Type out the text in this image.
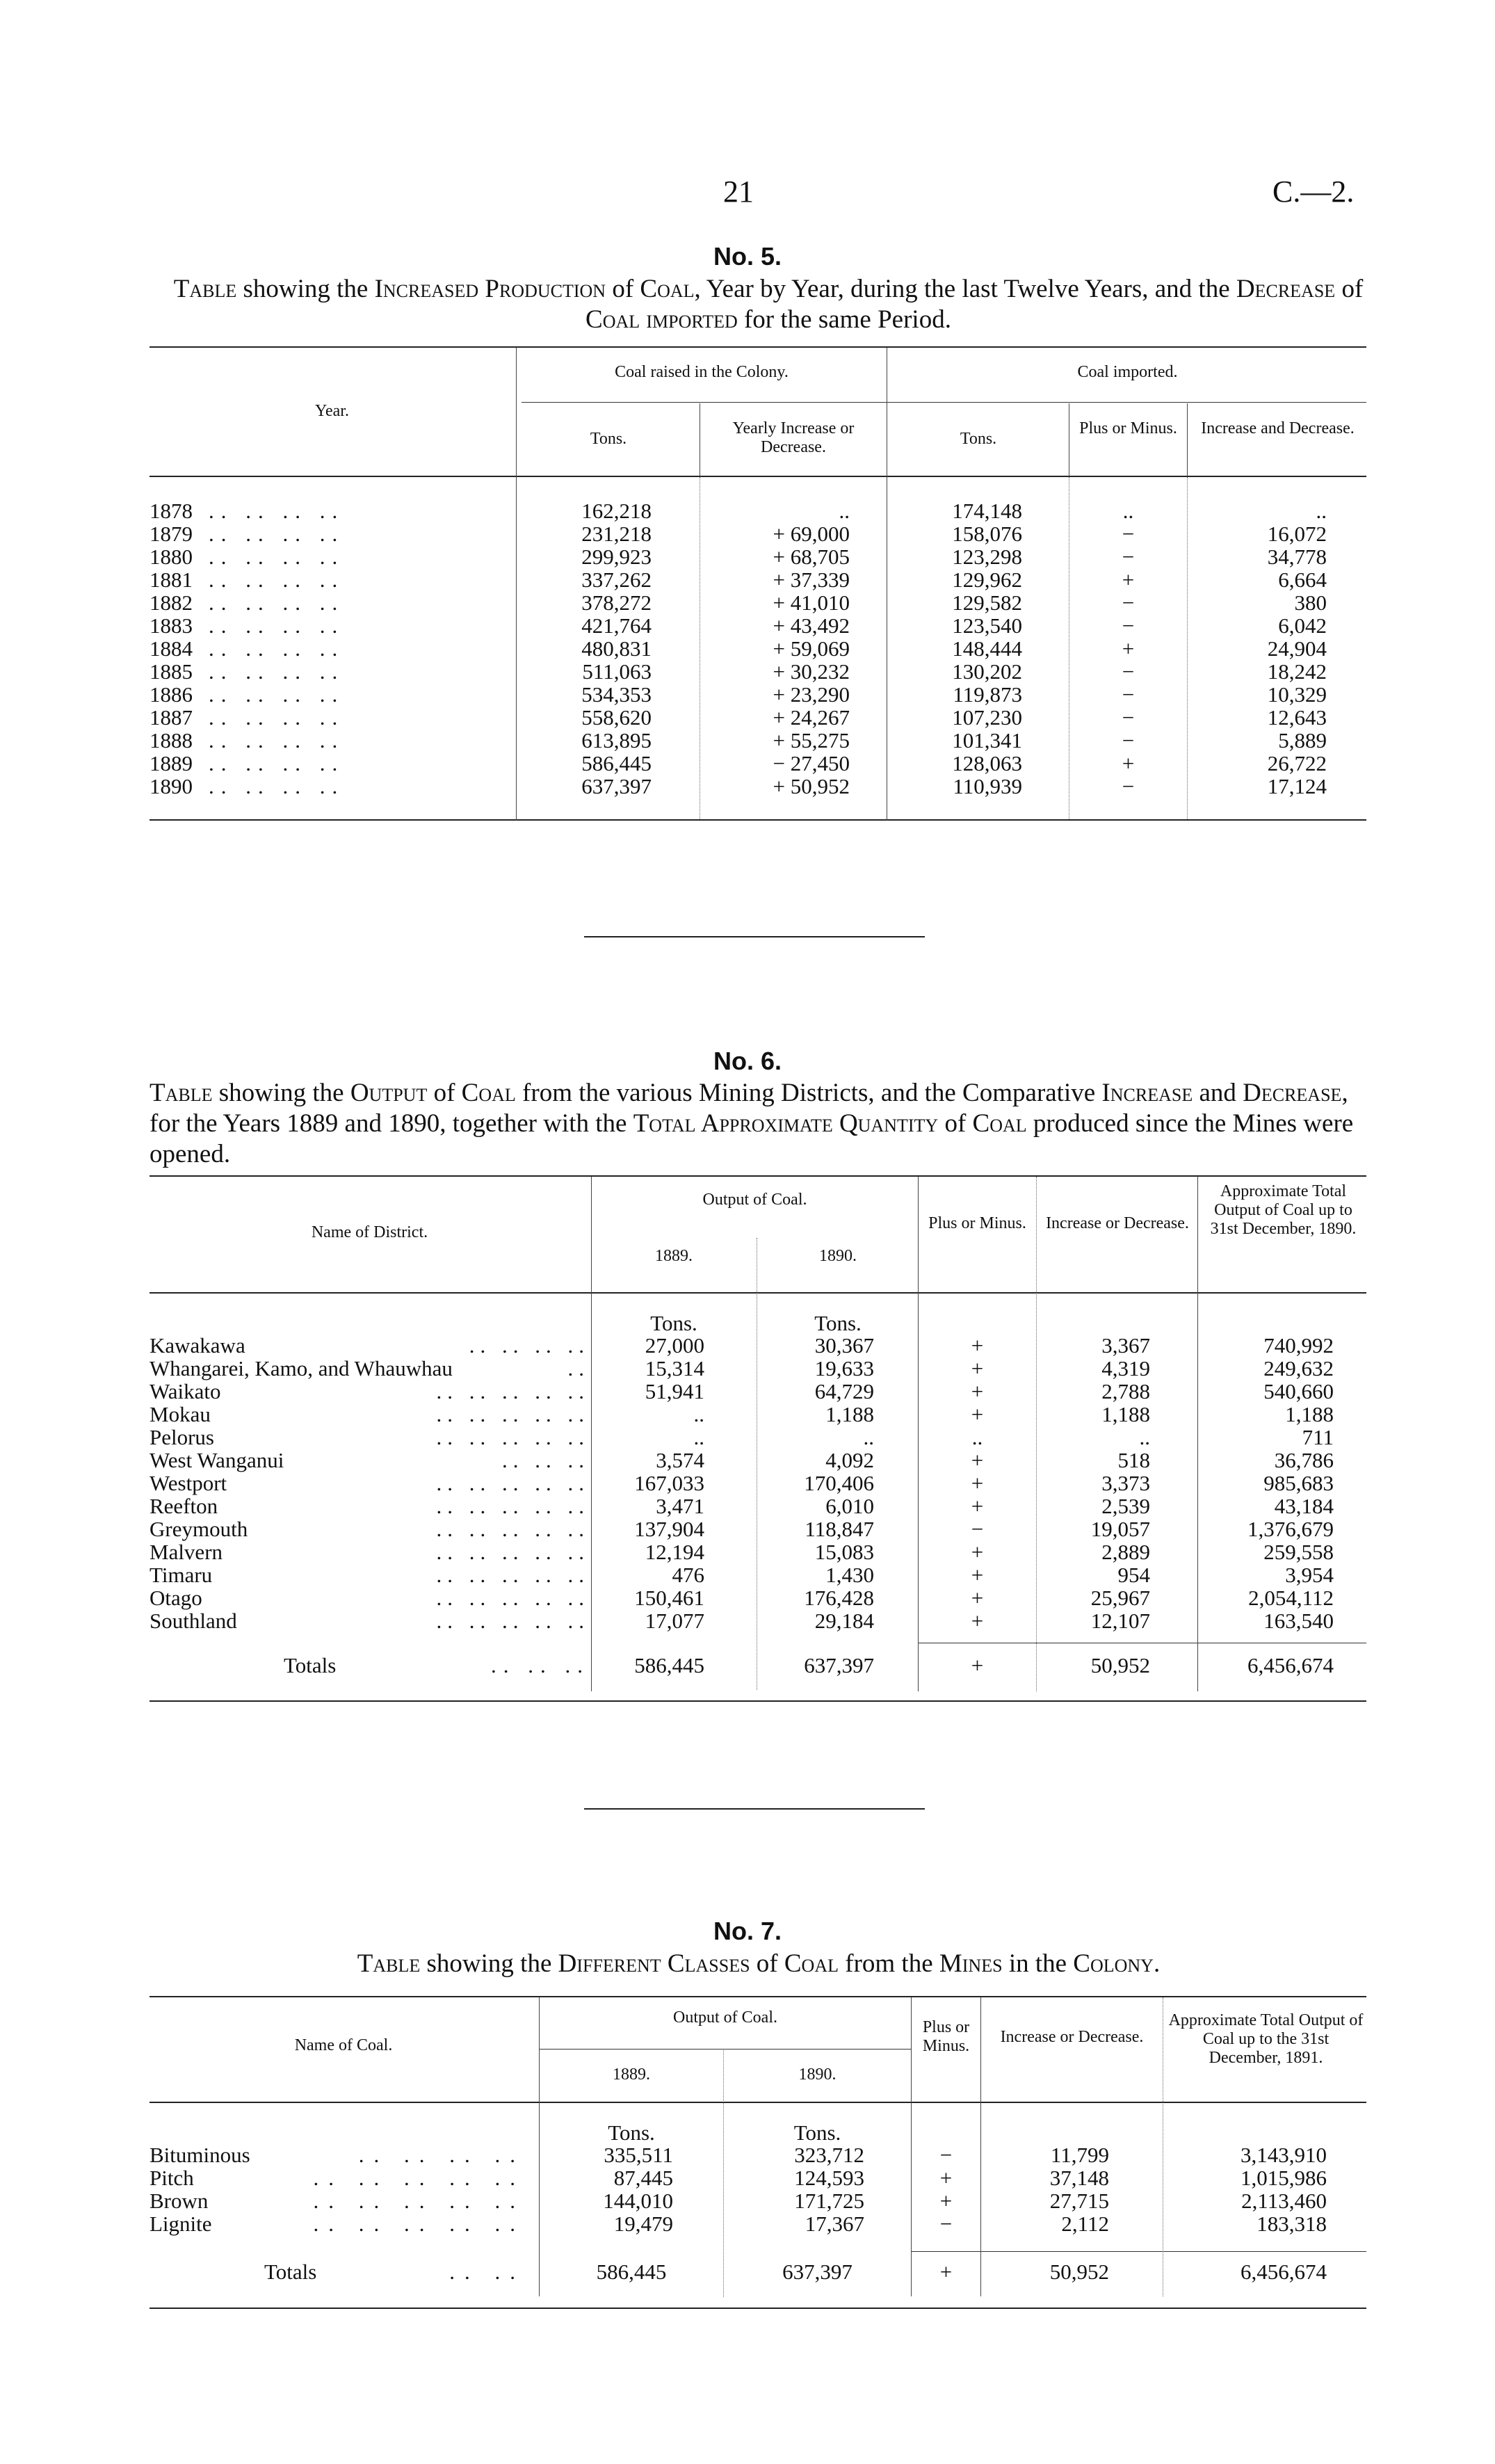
21	C.—2.
No. 5.
Table showing the Increased Production of Coal, Year by Year, during the last Twelve Years, and the Decrease of Coal imported for the same Period.
Year.
Coal raised in the Colony.	Coal imported.
Tons.
Yearly Increase or Decrease.	Tons.
Plus or Minus.	Increase and Decrease.
1878 .. .. .. ..	162,218	..	174,148	..	..
1879 .. .. .. ..	231,218	+ 69,000	158,076	−	16,072
1880 .. .. .. ..	299,923	+ 68,705	123,298	−	34,778
1881 .. .. .. ..	337,262	+ 37,339	129,962	+	6,664
1882 .. .. .. ..	378,272	+ 41,010	129,582	−	380
1883 .. .. .. ..	421,764	+ 43,492	123,540	−	6,042
1884 .. .. .. ..	480,831	+ 59,069	148,444	+	24,904
1885 .. .. .. ..	511,063	+ 30,232	130,202	−	18,242
1886 .. .. .. ..	534,353	+ 23,290	119,873	−	10,329
1887 .. .. .. ..	558,620	+ 24,267	107,230	−	12,643
1888 .. .. .. ..	613,895	+ 55,275	101,341	−	5,889
1889 .. .. .. ..	586,445	− 27,450	128,063	+	26,722
1890 .. .. .. ..	637,397	+ 50,952	110,939	−	17,124
No. 6.
Table showing the Output of Coal from the various Mining Districts, and the Comparative Increase and Decrease, for the Years 1889 and 1890, together with the Total Approximate Quantity of Coal produced since the Mines were opened.
Name of District.
Output of Coal.
1889.	1890.
Plus or Minus.	Increase or Decrease.
Approximate Total Output of Coal up to 31st December, 1890.
Tons.	Tons.
Kawakawa	.. .. .. ..	27,000	30,367	+	3,367	740,992
Whangarei, Kamo, and Whauwhau	..	15,314	19,633	+	4,319	249,632
Waikato	.. .. .. .. ..	51,941	64,729	+	2,788	540,660
Mokau	.. .. .. .. ..	..	1,188	+	1,188	1,188
Pelorus	.. .. .. .. ..	..	..	..	..	711
West Wanganui	.. .. ..	3,574	4,092	+	518	36,786
Westport	.. .. .. .. ..	167,033	170,406	+	3,373	985,683
Reefton	.. .. .. .. ..	3,471	6,010	+	2,539	43,184
Greymouth	.. .. .. .. ..	137,904	118,847	−	19,057	1,376,679
Malvern	.. .. .. .. ..	12,194	15,083	+	2,889	259,558
Timaru	.. .. .. .. ..	476	1,430	+	954	3,954
Otago	.. .. .. .. ..	150,461	176,428	+	25,967	2,054,112
Southland	.. .. .. .. ..	17,077	29,184	+	12,107	163,540
Totals	.. .. ..	586,445	637,397	+	50,952	6,456,674
No. 7.
Table showing the Different Classes of Coal from the Mines in the Colony.
Name of Coal.
Output of Coal.
1889.	1890.
Plus or Minus.	Increase or Decrease.
Approximate Total Output of Coal up to the 31st December, 1891.
Tons.	Tons.
Bituminous	.. .. .. ..	335,511	323,712	−	11,799	3,143,910
Pitch	.. .. .. .. ..	87,445	124,593	+	37,148	1,015,986
Brown	.. .. .. .. ..	144,010	171,725	+	27,715	2,113,460
Lignite	.. .. .. .. ..	19,479	17,367	−	2,112	183,318
Totals	.. ..	586,445	637,397	+	50,952	6,456,674
